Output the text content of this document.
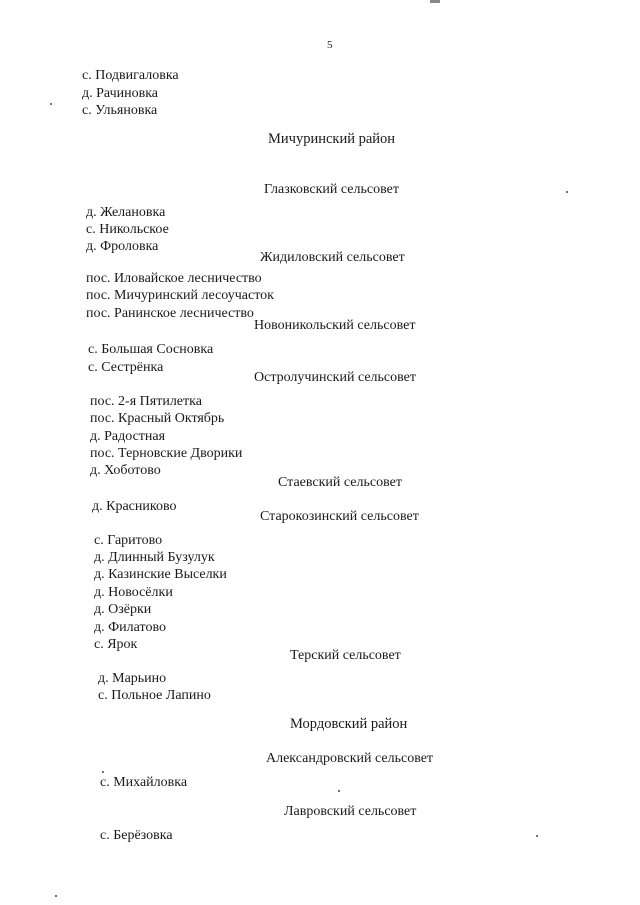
5
с. Подвигаловка
д. Рачиновка
с. Ульяновка
Мичуринский район
Глазковский сельсовет
д. Желановка
с. Никольское
д. Фроловка
Жидиловский сельсовет
пос. Иловайское лесничество
пос. Мичуринский лесоучасток
пос. Ранинское лесничество
Новоникольский сельсовет
с. Большая Сосновка
с. Сестрёнка
Остролучинский сельсовет
пос. 2-я Пятилетка
пос. Красный Октябрь
д. Радостная
пос. Терновские Дворики
д. Хоботово
Стаевский сельсовет
д. Красниково
Старокозинский сельсовет
с. Гаритово
д. Длинный Бузулук
д. Казинские Выселки
д. Новосёлки
д. Озёрки
д. Филатово
с. Ярок
Терский сельсовет
д. Марьино
с. Польное Лапино
Мордовский район
Александровский сельсовет
с. Михайловка
Лавровский сельсовет
с. Берёзовка
